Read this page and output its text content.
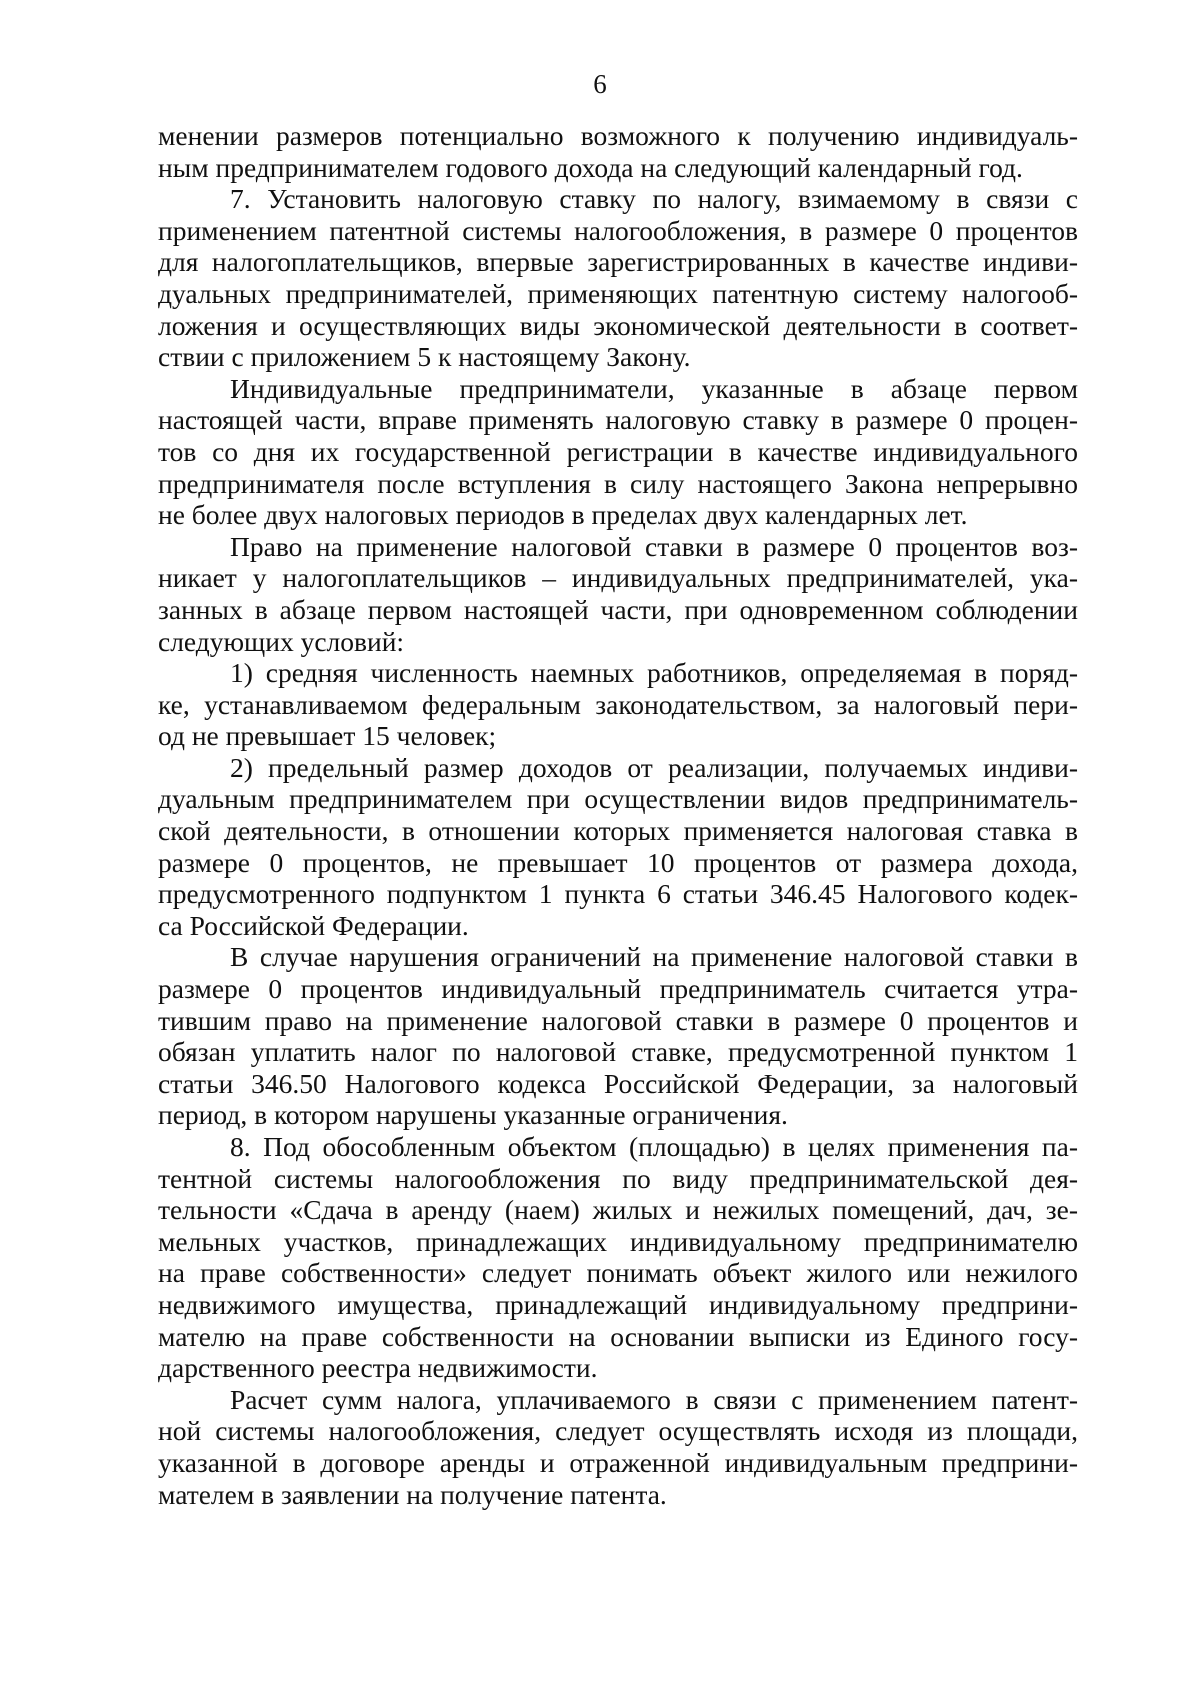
6
менении размеров потенциально возможного к получению индивидуаль-
ным предпринимателем годового дохода на следующий календарный год.
7. Установить налоговую ставку по налогу, взимаемому в связи с
применением патентной системы налогообложения, в размере 0 процентов
для налогоплательщиков, впервые зарегистрированных в качестве индиви-
дуальных предпринимателей, применяющих патентную систему налогооб-
ложения и осуществляющих виды экономической деятельности в соответ-
ствии с приложением 5 к настоящему Закону.
Индивидуальные предприниматели, указанные в абзаце первом
настоящей части, вправе применять налоговую ставку в размере 0 процен-
тов со дня их государственной регистрации в качестве индивидуального
предпринимателя после вступления в силу настоящего Закона непрерывно
не более двух налоговых периодов в пределах двух календарных лет.
Право на применение налоговой ставки в размере 0 процентов воз-
никает у налогоплательщиков – индивидуальных предпринимателей, ука-
занных в абзаце первом настоящей части, при одновременном соблюдении
следующих условий:
1) средняя численность наемных работников, определяемая в поряд-
ке, устанавливаемом федеральным законодательством, за налоговый пери-
од не превышает 15 человек;
2) предельный размер доходов от реализации, получаемых индиви-
дуальным предпринимателем при осуществлении видов предприниматель-
ской деятельности, в отношении которых применяется налоговая ставка в
размере 0 процентов, не превышает 10 процентов от размера дохода,
предусмотренного подпунктом 1 пункта 6 статьи 346.45 Налогового кодек-
са Российской Федерации.
В случае нарушения ограничений на применение налоговой ставки в
размере 0 процентов индивидуальный предприниматель считается утра-
тившим право на применение налоговой ставки в размере 0 процентов и
обязан уплатить налог по налоговой ставке, предусмотренной пунктом 1
статьи 346.50 Налогового кодекса Российской Федерации, за налоговый
период, в котором нарушены указанные ограничения.
8. Под обособленным объектом (площадью) в целях применения па-
тентной системы налогообложения по виду предпринимательской дея-
тельности «Сдача в аренду (наем) жилых и нежилых помещений, дач, зе-
мельных участков, принадлежащих индивидуальному предпринимателю
на праве собственности» следует понимать объект жилого или нежилого
недвижимого имущества, принадлежащий индивидуальному предприни-
мателю на праве собственности на основании выписки из Единого госу-
дарственного реестра недвижимости.
Расчет сумм налога, уплачиваемого в связи с применением патент-
ной системы налогообложения, следует осуществлять исходя из площади,
указанной в договоре аренды и отраженной индивидуальным предприни-
мателем в заявлении на получение патента.
